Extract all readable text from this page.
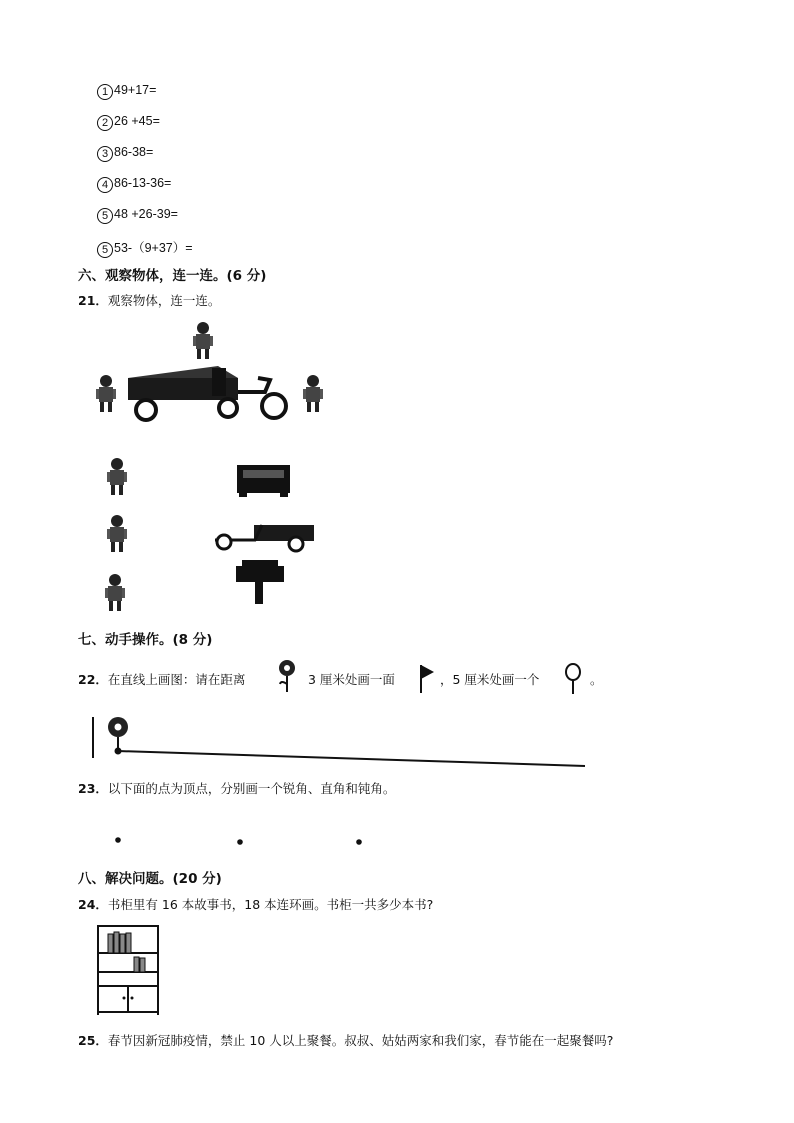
1 49+17=
2 26 +45=
3 86-38=
4 86-13-36=
5 48 +26-39=
5 53-（9+37）=
六、观察物体，连一连。(6 分)
21．观察物体，连一连。
七、动手操作。(8 分)
22．在直线上画图：请在距离	3 厘米处画一面	，5 厘米处画一个	。
23．以下面的点为顶点，分别画一个锐角、直角和钝角。
八、解决问题。(20 分)
24．书柜里有 16 本故事书，18 本连环画。书柜一共多少本书?
25．春节因新冠肺疫情，禁止 10 人以上聚餐。叔叔、姑姑两家和我们家，春节能在一起聚餐吗?
